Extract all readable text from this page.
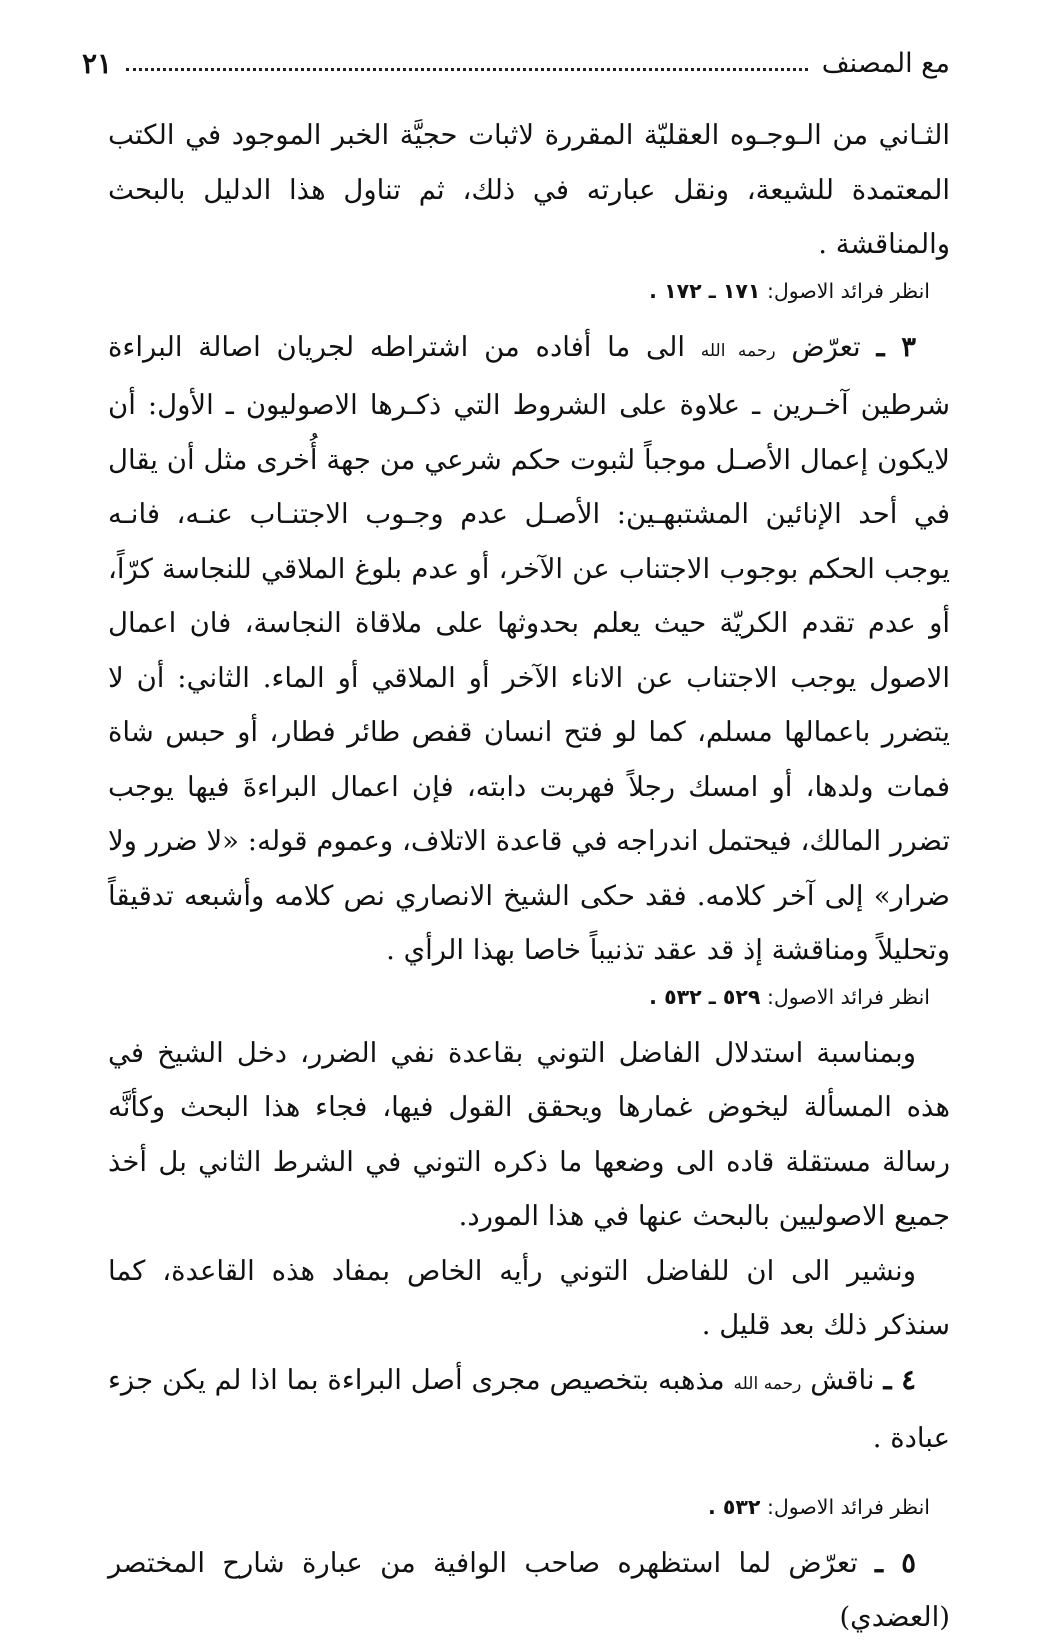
مع المصنف
٢١

الثـاني من الـوجـوه العقليّة المقررة لاثبات حجيَّة الخبر الموجود في الكتب المعتمدة للشيعة، ونقل عبارته في ذلك، ثم تناول هذا الدليل بالبحث والمناقشة .

انظر فرائد الاصول: ١٧١ ـ ١٧٢ .

٣ ـ تعرّض رحمه الله الى ما أفاده من اشتراطه لجريان اصالة البراءة شرطين آخـرين ـ علاوة على الشروط التي ذكـرها الاصوليون ـ الأول: أن لايكون إعمال الأصـل موجباً لثبوت حكم شرعي من جهة أُخرى مثل أن يقال في أحد الإنائين المشتبهـين: الأصـل عدم وجـوب الاجتنـاب عنـه، فانـه يوجب الحكم بوجوب الاجتناب عن الآخر، أو عدم بلوغ الملاقي للنجاسة كرّاً، أو عدم تقدم الكريّة حيث يعلم بحدوثها على ملاقاة النجاسة، فان اعمال الاصول يوجب الاجتناب عن الاناء الآخر أو الملاقي أو الماء. الثاني: أن لا يتضرر باعمالها مسلم، كما لو فتح انسان قفص طائر فطار، أو حبس شاة فمات ولدها، أو امسك رجلاً فهربت دابته، فإن اعمال البراءةَ فيها يوجب تضرر المالك، فيحتمل اندراجه في قاعدة الاتلاف، وعموم قوله: «لا ضرر ولا ضرار» إلى آخر كلامه. فقد حكى الشيخ الانصاري نص كلامه وأشبعه تدقيقاً وتحليلاً ومناقشة إذ قد عقد تذنيباً خاصا بهذا الرأي .

انظر فرائد الاصول: ٥٢٩ ـ ٥٣٢ .

وبمناسبة استدلال الفاضل التوني بقاعدة نفي الضرر، دخل الشيخ في هذه المسألة ليخوض غمارها ويحقق القول فيها، فجاء هذا البحث وكأنَّه رسالة مستقلة قاده الى وضعها ما ذكره التوني في الشرط الثاني بل أخذ جميع الاصوليين بالبحث عنها في هذا المورد.

ونشير الى ان للفاضل التوني رأيه الخاص بمفاد هذه القاعدة، كما سنذكر ذلك بعد قليل .

٤ ـ ناقش رحمه الله مذهبه بتخصيص مجرى أصل البراءة بما اذا لم يكن جزء عبادة .

انظر فرائد الاصول: ٥٣٢ .

٥ ـ تعرّض لما استظهره صاحب الوافية من عبارة شارح المختصر (العضدي)
